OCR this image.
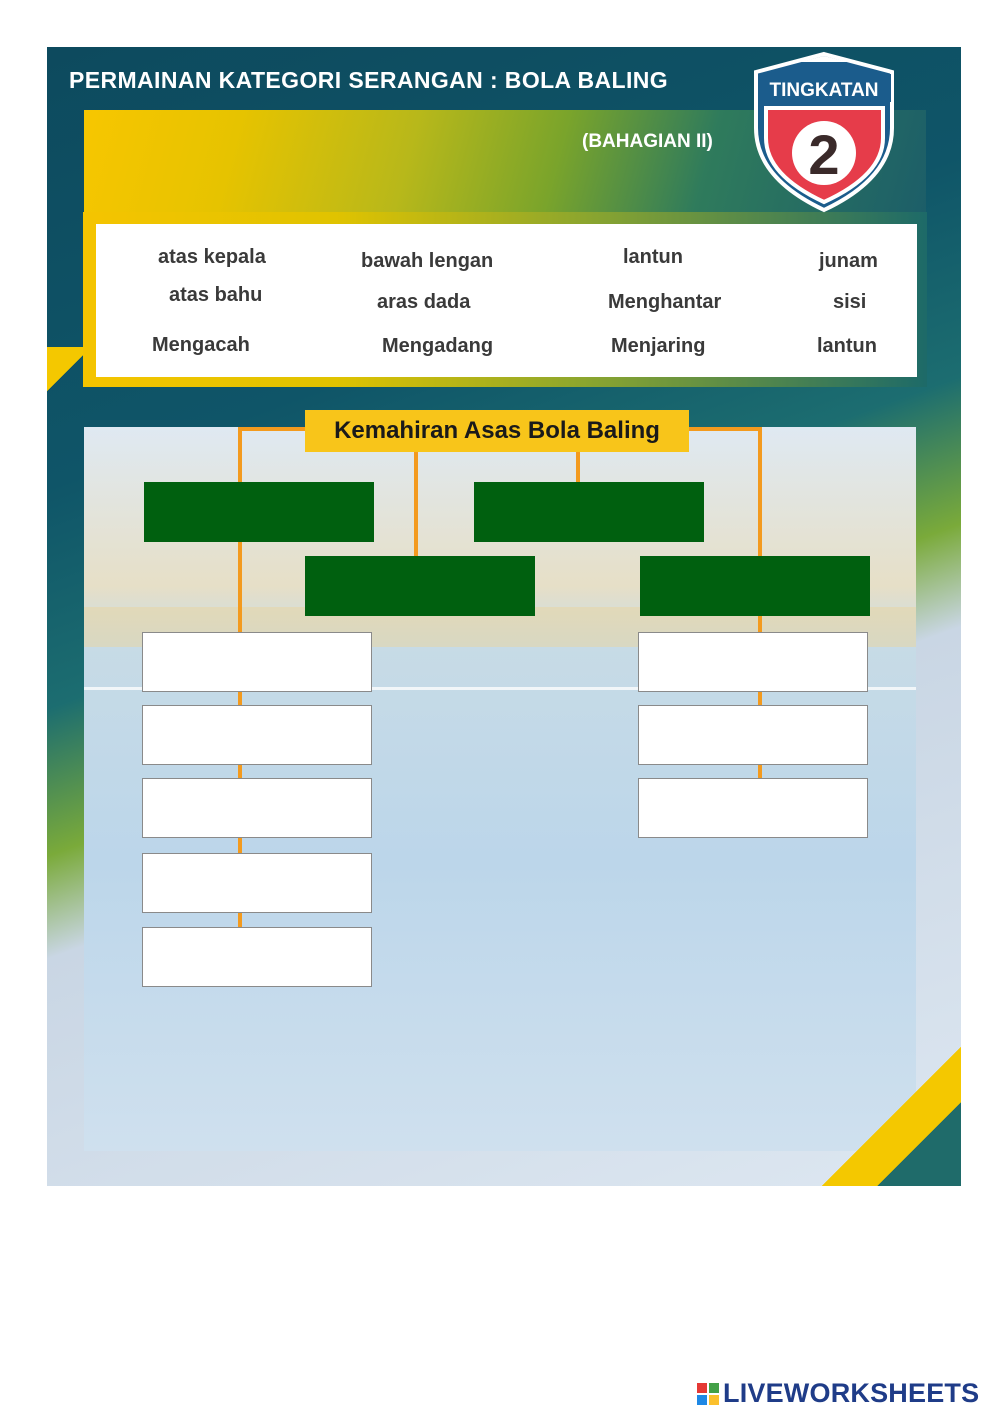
PERMAINAN KATEGORI SERANGAN : BOLA BALING
(BAHAGIAN II)
atas kepala
atas bahu
Mengacah
bawah lengan
aras dada
Mengadang
lantun
Menghantar
Menjaring
junam
sisi
lantun
Kemahiran Asas Bola Baling
TINGKATAN
2
LIVEWORKSHEETS
